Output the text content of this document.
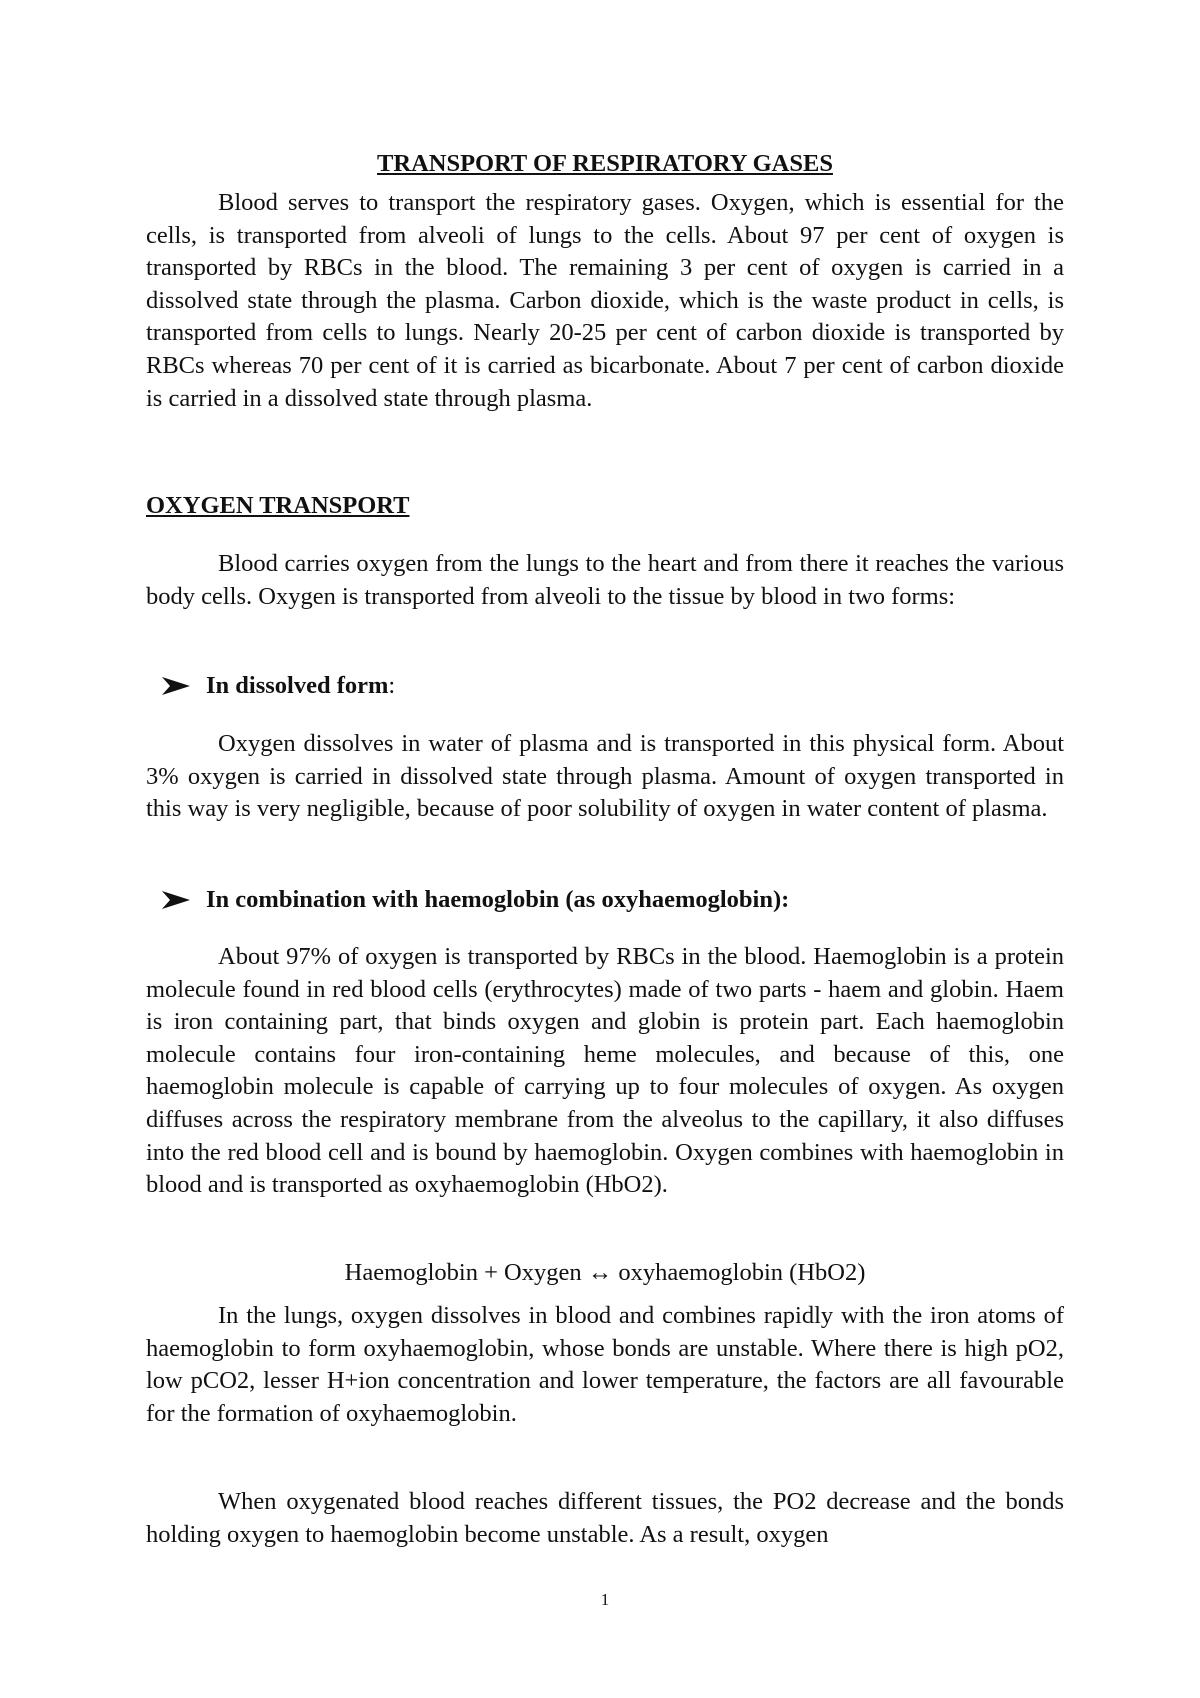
TRANSPORT OF RESPIRATORY GASES

Blood serves to transport the respiratory gases. Oxygen, which is essential for the cells, is transported from alveoli of lungs to the cells. About 97 per cent of oxygen is transported by RBCs in the blood. The remaining 3 per cent of oxygen is carried in a dissolved state through the plasma. Carbon dioxide, which is the waste product in cells, is transported from cells to lungs. Nearly 20-25 per cent of carbon dioxide is transported by RBCs whereas 70 per cent of it is carried as bicarbonate. About 7 per cent of carbon dioxide is carried in a dissolved state through plasma.

OXYGEN TRANSPORT

Blood carries oxygen from the lungs to the heart and from there it reaches the various body cells. Oxygen is transported from alveoli to the tissue by blood in two forms:

In dissolved form :

Oxygen dissolves in water of plasma and is transported in this physical form. About 3% oxygen is carried in dissolved state through plasma. Amount of oxygen transported in this way is very negligible, because of poor solubility of oxygen in water content of plasma.

In combination with haemoglobin (as oxyhaemoglobin):

About 97% of oxygen is transported by RBCs in the blood. Haemoglobin is a protein molecule found in red blood cells (erythrocytes) made of two parts - haem and globin. Haem is iron containing part, that binds oxygen and globin is protein part. Each haemoglobin molecule contains four iron-containing heme molecules, and because of this, one haemoglobin molecule is capable of carrying up to four molecules of oxygen. As oxygen diffuses across the respiratory membrane from the alveolus to the capillary, it also diffuses into the red blood cell and is bound by haemoglobin. Oxygen combines with haemoglobin in blood and is transported as oxyhaemoglobin (HbO2).

Haemoglobin + Oxygen ↔ oxyhaemoglobin (HbO2)

In the lungs, oxygen dissolves in blood and combines rapidly with the iron atoms of haemoglobin to form oxyhaemoglobin, whose bonds are unstable. Where there is high pO2, low pCO2, lesser H+ion concentration and lower temperature, the factors are all favourable for the formation of oxyhaemoglobin.

When oxygenated blood reaches different tissues, the PO2 decrease and the bonds holding oxygen to haemoglobin become unstable. As a result, oxygen

1
